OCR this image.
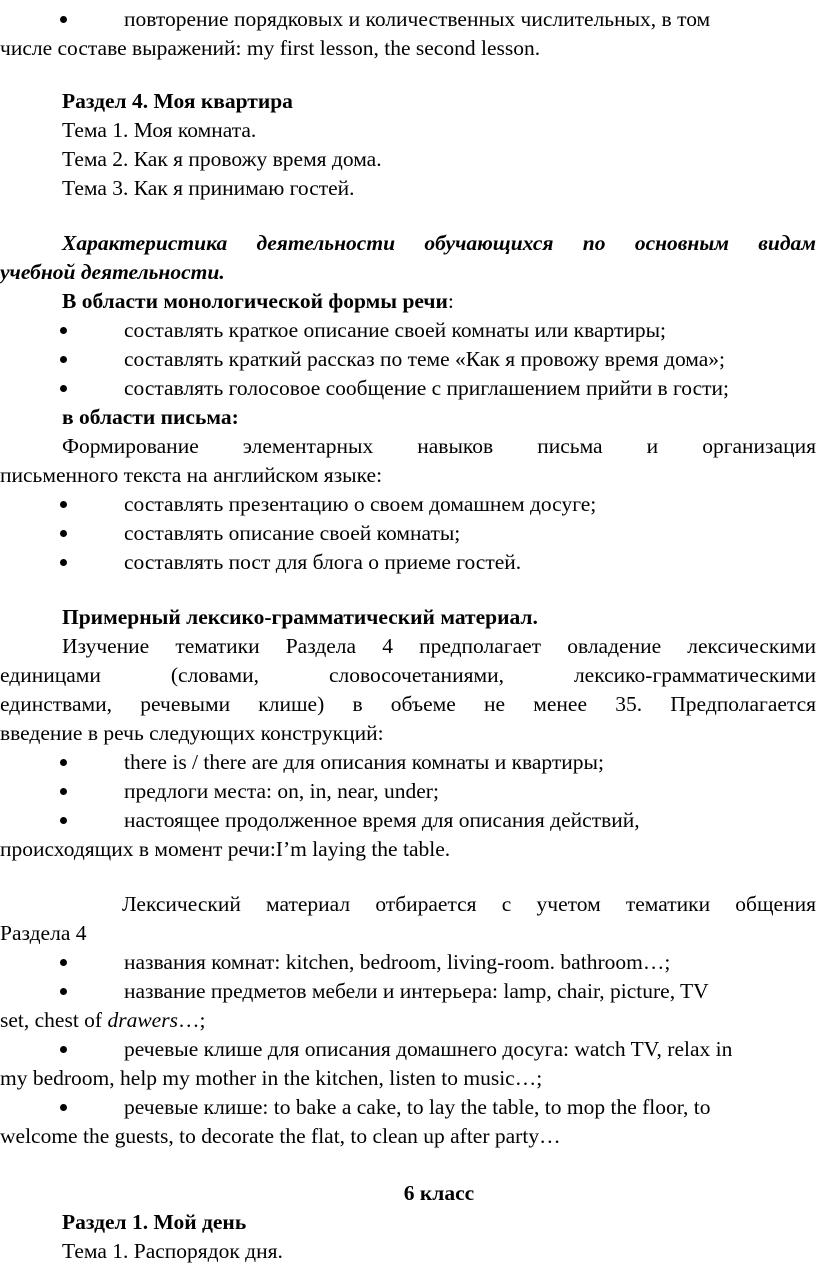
повторение порядковых и количественных числительных, в том
числе составе выражений: my first lesson, the second lesson.
Раздел 4. Моя квартира
Тема 1. Моя комната.
Тема 2. Как я провожу время дома.
Тема 3. Как я принимаю гостей.
Характеристика деятельности обучающихся по основным видам
учебной деятельности.
В области монологической формы речи:
составлять краткое описание своей комнаты или квартиры;
составлять краткий рассказ по теме «Как я провожу время дома»;
составлять голосовое сообщение с приглашением прийти в гости;
в области письма:
Формирование элементарных навыков письма и организация
письменного текста на английском языке:
составлять презентацию о своем домашнем досуге;
составлять описание своей комнаты;
составлять пост для блога о приеме гостей.
Примерный лексико-грамматический материал.
Изучение тематики Раздела 4 предполагает овладение лексическими
единицами (словами, словосочетаниями, лексико-грамматическими
единствами, речевыми клише) в объеме не менее 35. Предполагается
введение в речь следующих конструкций:
there is / there are для описания комнаты и квартиры;
предлоги места: on, in, near, under;
настоящее продолженное время для описания действий,
происходящих в момент речи:I’m laying the table.
Лексический материал отбирается с учетом тематики общения
Раздела 4
названия комнат: kitchen, bedroom, living-room. bathroom…;
название предметов мебели и интерьера: lamp, chair, picture, TV
set, chest of drawers…;
речевые клише для описания домашнего досуга: watch TV, relax in
my bedroom, help my mother in the kitchen, listen to music…;
речевые клише: to bake a cake, to lay the table, to mop the floor, to
welcome the guests, to decorate the flat, to clean up after party…
6 класс
Раздел 1. Мой день
Тема 1. Распорядок дня.
